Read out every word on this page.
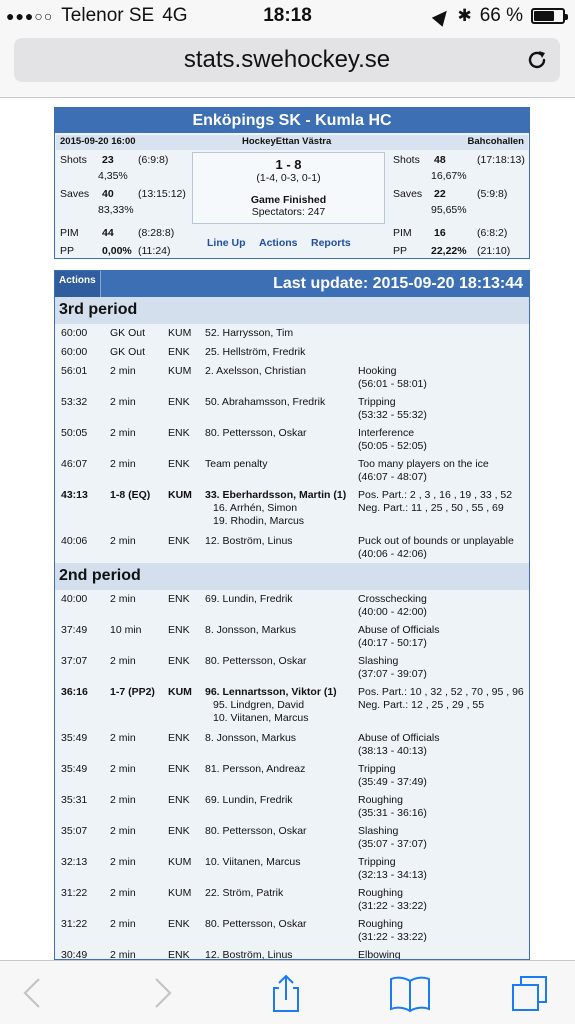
●●●○○ Telenor SE 4G	18:18	✱ 66 %
stats.swehockey.se
Enköpings SK - Kumla HC
2015-09-20 16:00	HockeyEttan Västra	Bahcohallen
Shots 23 (6:9:8)
4,35%
Saves 40 (13:15:12)
83,33%
PIM 44 (8:28:8)
PP	0,00% (11:24)
1 - 8
(1-4, 0-3, 0-1)
Game Finished
Spectators: 247
Shots 48	(17:18:13)
16,67%
Saves 22	(5:9:8)
95,65%
PIM 16	(6:8:2)
PP 22,22% (21:10)
Line Up Actions Reports
Actions	Last update: 2015-09-20 18:13:44
3rd period
60:00 GK Out KUM 52. Harrysson, Tim
60:00 GK Out ENK 25. Hellström, Fredrik
56:01 2 min	KUM 2. Axelsson, Christian	Hooking
(56:01 - 58:01)
53:32 2 min	ENK 50. Abrahamsson, Fredrik	Tripping
(53:32 - 55:32)
50:05 2 min	ENK 80. Pettersson, Oskar	Interference
(50:05 - 52:05)
46:07 2 min	ENK Team penalty	Too many players on the ice
(46:07 - 48:07)
43:13 1-8 (EQ) KUM 33. Eberhardsson, Martin (1)
16. Arrhén, Simon
19. Rhodin, Marcus
Pos. Part.: 2 , 3 , 16 , 19 , 33 , 52
Neg. Part.: 11 , 25 , 50 , 55 , 69
40:06 2 min	ENK 12. Boström, Linus	Puck out of bounds or unplayable
(40:06 - 42:06)
2nd period
40:00 2 min	ENK 69. Lundin, Fredrik	Crosschecking
(40:00 - 42:00)
37:49 10 min	ENK 8. Jonsson, Markus	Abuse of Officials
(40:17 - 50:17)
37:07 2 min	ENK 80. Pettersson, Oskar	Slashing
(37:07 - 39:07)
36:16 1-7 (PP2) KUM 96. Lennartsson, Viktor (1)
95. Lindgren, David
10. Viitanen, Marcus
Pos. Part.: 10 , 32 , 52 , 70 , 95 , 96
Neg. Part.: 12 , 25 , 29 , 55
35:49 2 min	ENK 8. Jonsson, Markus	Abuse of Officials
(38:13 - 40:13)
35:49 2 min	ENK 81. Persson, Andreaz	Tripping
(35:49 - 37:49)
35:31 2 min	ENK 69. Lundin, Fredrik	Roughing
(35:31 - 36:16)
35:07 2 min	ENK 80. Pettersson, Oskar	Slashing
(35:07 - 37:07)
32:13 2 min	KUM 10. Viitanen, Marcus	Tripping
(32:13 - 34:13)
31:22 2 min	KUM 22. Ström, Patrik	Roughing
(31:22 - 33:22)
31:22 2 min	ENK 80. Pettersson, Oskar	Roughing
(31:22 - 33:22)
30:49 2 min	ENK 12. Boström, Linus	Elbowing
